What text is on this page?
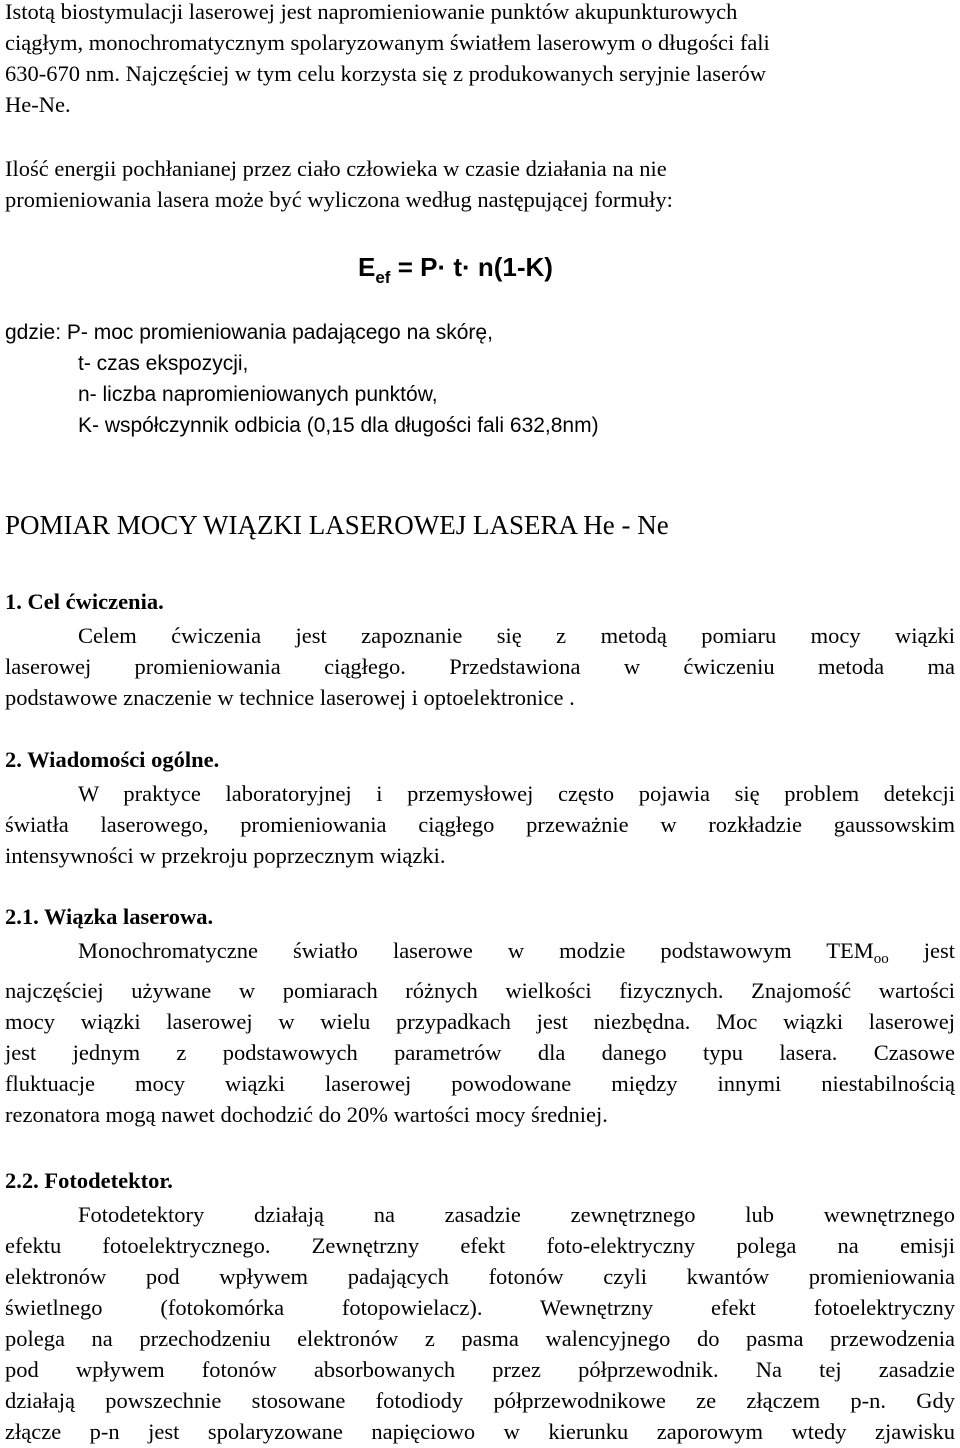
Istotą biostymulacji laserowej jest napromieniowanie punktów akupunkturowych
ciągłym, monochromatycznym spolaryzowanym światłem laserowym o długości fali
630-670 nm. Najczęściej w tym celu korzysta się z produkowanych seryjnie laserów
He-Ne.
Ilość energii pochłanianej przez ciało człowieka w czasie działania na nie
promieniowania lasera może być wyliczona według następującej formuły:
$E_{ef} = P\cdot t\cdot n(1-K)$
gdzie: P- moc promieniowania padającego na skórę,
t- czas ekspozycji,
n- liczba napromieniowanych punktów,
K- współczynnik odbicia (0,15 dla długości fali 632,8nm)
POMIAR MOCY WIĄZKI LASEROWEJ LASERA He - Ne
1. Cel ćwiczenia.
Celem ćwiczenia jest zapoznanie się z metodą pomiaru mocy wiązki
laserowej promieniowania ciągłego. Przedstawiona w ćwiczeniu metoda ma
podstawowe znaczenie w technice laserowej i optoelektronice .
2. Wiadomości ogólne.
W praktyce laboratoryjnej i przemysłowej często pojawia się problem detekcji
światła laserowego, promieniowania ciągłego przeważnie w rozkładzie gaussowskim
intensywności w przekroju poprzecznym wiązki.
2.1. Wiązka laserowa.
Monochromatyczne światło laserowe w modzie podstawowym $TEM_{oo}$ jest
najczęściej używane w pomiarach różnych wielkości fizycznych. Znajomość wartości
mocy wiązki laserowej w wielu przypadkach jest niezbędna. Moc wiązki laserowej
jest jednym z podstawowych parametrów dla danego typu lasera. Czasowe
fluktuacje mocy wiązki laserowej powodowane między innymi niestabilnością
rezonatora mogą nawet dochodzić do 20% wartości mocy średniej.
2.2. Fotodetektor.
Fotodetektory działają na zasadzie zewnętrznego lub wewnętrznego
efektu fotoelektrycznego. Zewnętrzny efekt foto-elektryczny polega na emisji
elektronów pod wpływem padających fotonów czyli kwantów promieniowania
świetlnego (fotokomórka fotopowielacz). Wewnętrzny efekt fotoelektryczny
polega na przechodzeniu elektronów z pasma walencyjnego do pasma przewodzenia
pod wpływem fotonów absorbowanych przez półprzewodnik. Na tej zasadzie
działają powszechnie stosowane fotodiody półprzewodnikowe ze złączem p-n. Gdy
złącze p-n jest spolaryzowane napięciowo w kierunku zaporowym wtedy zjawisku
